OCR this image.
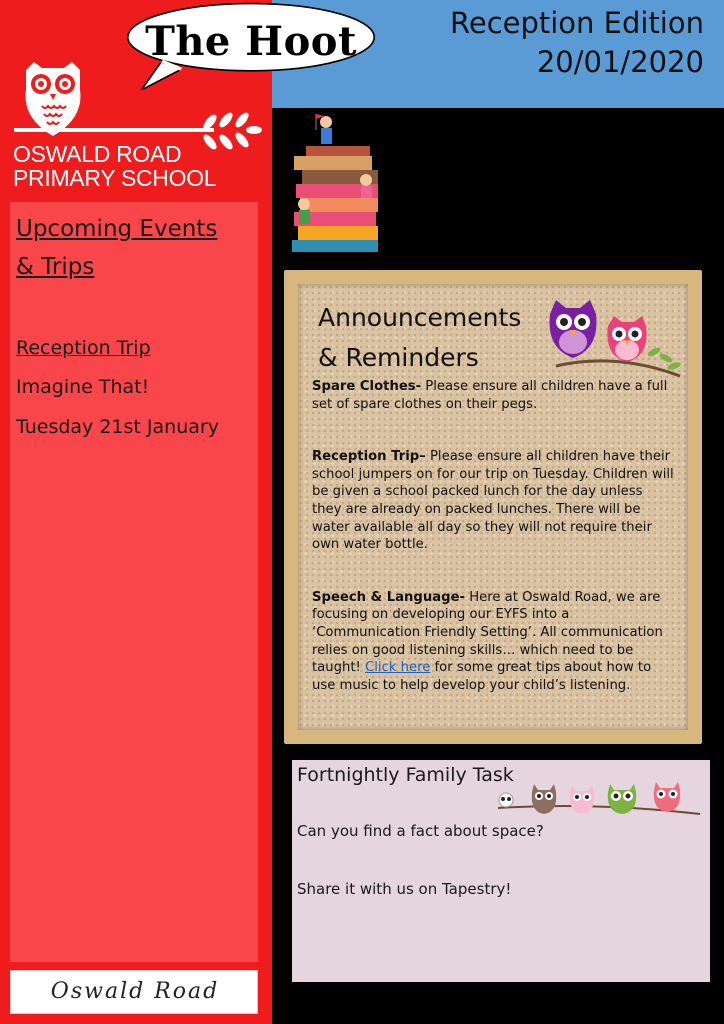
The Hoot	Reception Edition
20/01/2020
OSWALD ROAD
PRIMARY SCHOOL
Upcoming Events
& Trips
Reception Trip
Imagine That!
Tuesday 21st January
Oswald Road
Announcements
& Reminders

Spare Clothes- Please ensure all children have a full set of spare clothes on their pegs.

Reception Trip– Please ensure all children have their school jumpers on for our trip on Tuesday. Children will be given a school packed lunch for the day unless they are already on packed lunches. There will be water available all day so they will not require their own water bottle.

Speech & Language- Here at Oswald Road, we are focusing on developing our EYFS into a ‘Communication Friendly Setting’. All communication relies on good listening skills… which need to be taught! Click here for some great tips about how to use music to help develop your child’s listening.

Fortnightly Family Task
Can you find a fact about space?
Share it with us on Tapestry!
